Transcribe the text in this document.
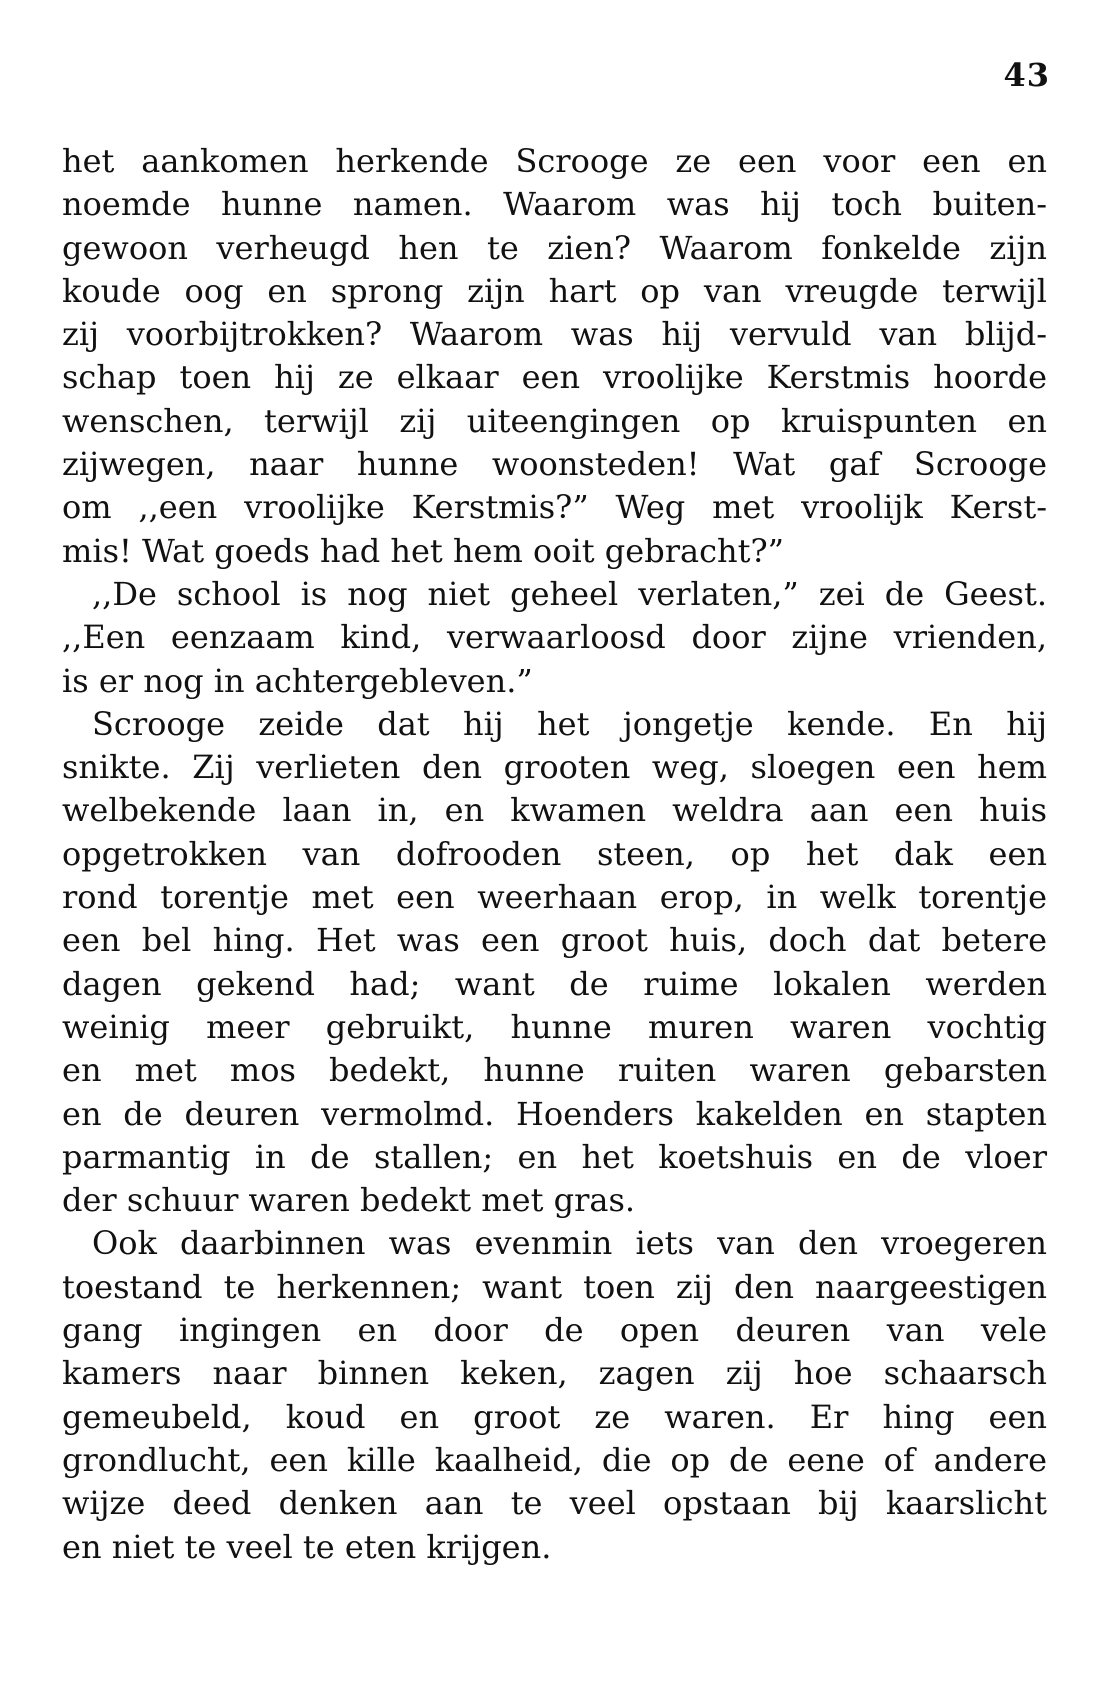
43
het aankomen herkende Scrooge ze een voor een en
noemde hunne namen. Waarom was hij toch buiten-
gewoon verheugd hen te zien? Waarom fonkelde zijn
koude oog en sprong zijn hart op van vreugde terwijl
zij voorbijtrokken? Waarom was hij vervuld van blijd-
schap toen hij ze elkaar een vroolijke Kerstmis hoorde
wenschen, terwijl zij uiteengingen op kruispunten en
zijwegen, naar hunne woonsteden! Wat gaf Scrooge
om ,,een vroolijke Kerstmis?” Weg met vroolijk Kerst-
mis! Wat goeds had het hem ooit gebracht?”
,,De school is nog niet geheel verlaten,” zei de Geest.
,,Een eenzaam kind, verwaarloosd door zijne vrienden,
is er nog in achtergebleven.”
Scrooge zeide dat hij het jongetje kende. En hij
snikte. Zij verlieten den grooten weg, sloegen een hem
welbekende laan in, en kwamen weldra aan een huis
opgetrokken van dofrooden steen, op het dak een
rond torentje met een weerhaan erop, in welk torentje
een bel hing. Het was een groot huis, doch dat betere
dagen gekend had; want de ruime lokalen werden
weinig meer gebruikt, hunne muren waren vochtig
en met mos bedekt, hunne ruiten waren gebarsten
en de deuren vermolmd. Hoenders kakelden en stapten
parmantig in de stallen; en het koetshuis en de vloer
der schuur waren bedekt met gras.
Ook daarbinnen was evenmin iets van den vroegeren
toestand te herkennen; want toen zij den naargeestigen
gang ingingen en door de open deuren van vele
kamers naar binnen keken, zagen zij hoe schaarsch
gemeubeld, koud en groot ze waren. Er hing een
grondlucht, een kille kaalheid, die op de eene of andere
wijze deed denken aan te veel opstaan bij kaarslicht
en niet te veel te eten krijgen.
